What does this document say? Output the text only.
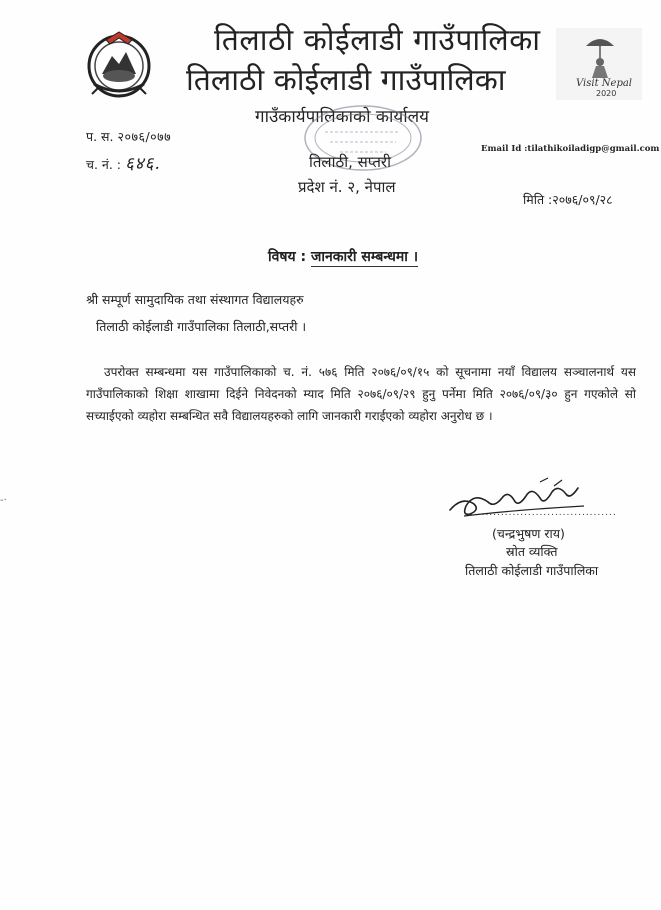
तिलाठी कोईलाडी गाउँपालिका
तिलाठी कोईलाडी गाउँपालिका
गाउँकार्यपालिकाको कार्यालय
Visit Nepal
2020
प. स. २०७६/०७७
च. नं. : ६४६.
Email Id :tilathikoiladigp@gmail.com
तिलाठी, सप्तरी
प्रदेश नं. २, नेपाल
मिति :२०७६/०९/२८
विषय : जानकारी सम्बन्धमा ।
श्री सम्पूर्ण सामुदायिक तथा संस्थागत विद्यालयहरु
तिलाठी कोईलाडी गाउँपालिका तिलाठी,सप्तरी ।
उपरोक्त सम्बन्धमा यस गाउँपालिकाको च. नं. ५७६ मिति २०७६/०९/१५ को सूचनामा नयाँ विद्यालय सञ्चालनार्थ यस गाउँपालिकाको शिक्षा शाखामा दिईने निवेदनको म्याद मिति २०७६/०९/२९ हुनु पर्नेमा मिति २०७६/०९/३० हुन गएकोले सो सच्याईएको व्यहोरा सम्बन्धित सवै विद्यालयहरुको लागि जानकारी गराईएको व्यहोरा अनुरोध छ ।
-·
......................................
(चन्द्रभुषण राय)
स्रोत व्यक्ति
तिलाठी कोईलाडी गाउँपालिका
